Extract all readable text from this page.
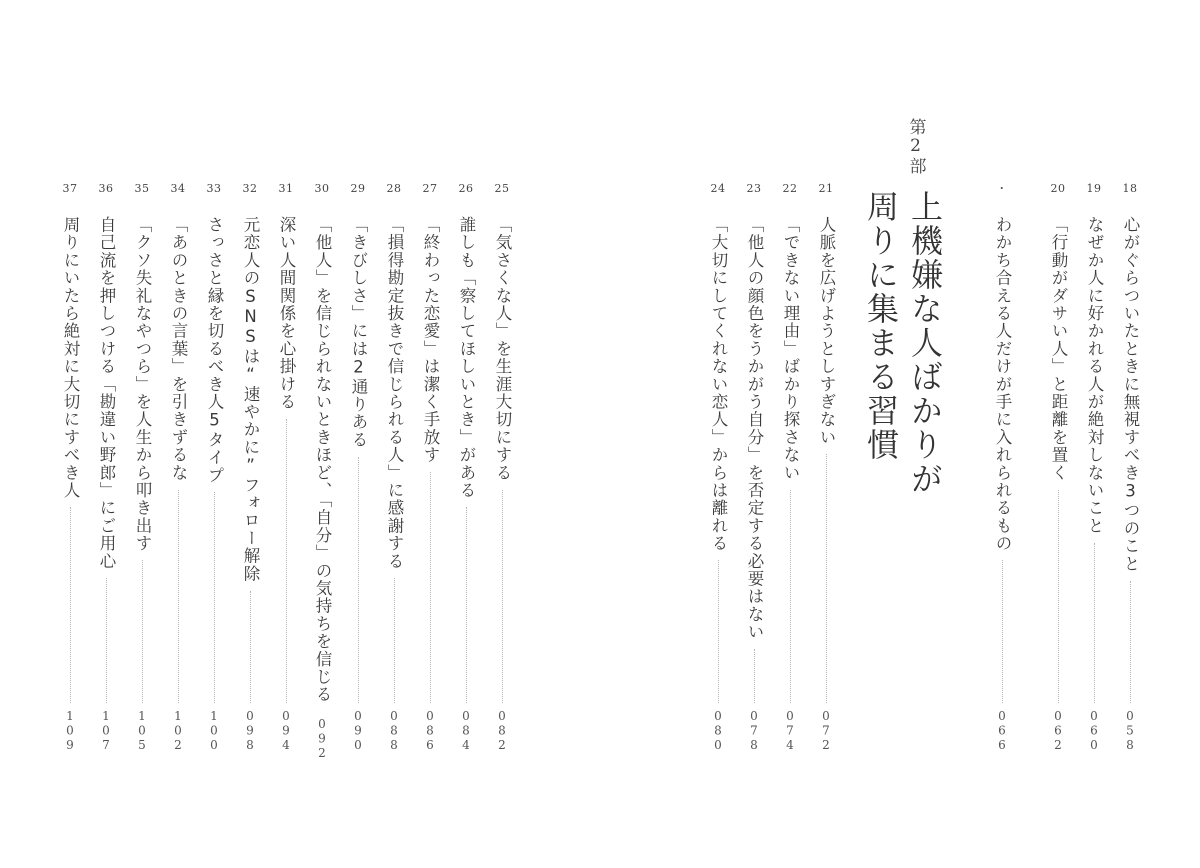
25
「気さくな人」を生涯大切にする
082
26
誰しも「察してほしいとき」がある
084
27
「終わった恋愛」は潔く手放す
086
28
「損得勘定抜きで信じられる人」に感謝する
088
29
「きびしさ」には2通りある
090
30
「他人」を信じられないときほど、「自分」の気持ちを信じる
092
31
深い人間関係を心掛ける
094
32
元恋人のSNSは“速やかに”フォロー解除
098
33
さっさと縁を切るべき人5タイプ
100
34
「あのときの言葉」を引きずるな
102
35
「クソ失礼なやつら」を人生から叩き出す
105
36
自己流を押しつける「勘違い野郎」にご用心
107
37
周りにいたら絶対に大切にすべき人
109
18
心がぐらついたときに無視すべき3つのこと
058
19
なぜか人に好かれる人が絶対しないこと
060
20
「行動がダサい人」と距離を置く
062
・
わかち合える人だけが手に入れられるもの
066
第2部
上機嫌な人ばかりが
周りに集まる習慣
21
人脈を広げようとしすぎない
072
22
「できない理由」ばかり探さない
074
23
「他人の顔色をうかがう自分」を否定する必要はない
078
24
「大切にしてくれない恋人」からは離れる
080
